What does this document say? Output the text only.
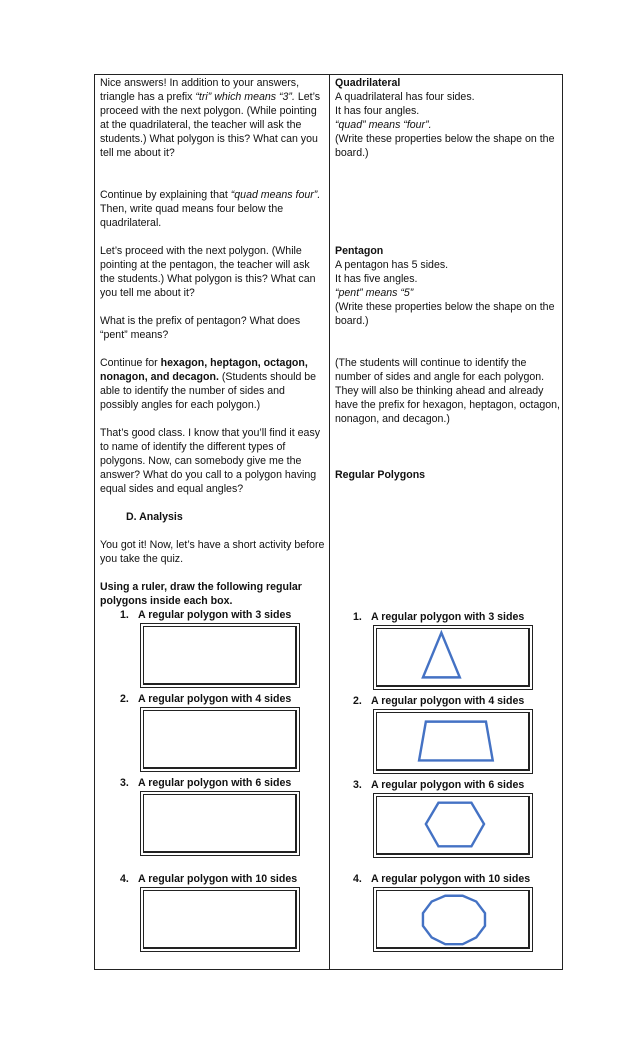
Nice answers! In addition to your answers, triangle has a prefix “tri” which means “3”. Let’s proceed with the next polygon. (While pointing at the quadrilateral, the teacher will ask the students.) What polygon is this? What can you tell me about it?

Continue by explaining that “quad means four”. Then, write quad means four below the quadrilateral.

Let’s proceed with the next polygon. (While pointing at the pentagon, the teacher will ask the students.) What polygon is this? What can you tell me about it?

What is the prefix of pentagon? What does “pent” means?

Continue for hexagon, heptagon, octagon, nonagon, and decagon. (Students should be able to identify the number of sides and possibly angles for each polygon.)

That’s good class. I know that you’ll find it easy to name of identify the different types of polygons. Now, can somebody give me the answer? What do you call to a polygon having equal sides and equal angles?

D. Analysis

You got it! Now, let’s have a short activity before you take the quiz.

Using a ruler, draw the following regular polygons inside each box.

1. A regular polygon with 3 sides
2. A regular polygon with 4 sides
3. A regular polygon with 6 sides
4. A regular polygon with 10 sides

Quadrilateral

A quadrilateral has four sides.

It has four angles.

“quad” means “four”.

(Write these properties below the shape on the board.)

Pentagon

A pentagon has 5 sides.

It has five angles.

“pent” means “5”

(Write these properties below the shape on the board.)

(The students will continue to identify the number of sides and angle for each polygon. They will also be thinking ahead and already have the prefix for hexagon, heptagon, octagon, nonagon, and decagon.)

Regular Polygons

1. A regular polygon with 3 sides
2. A regular polygon with 4 sides
3. A regular polygon with 6 sides
4. A regular polygon with 10 sides
